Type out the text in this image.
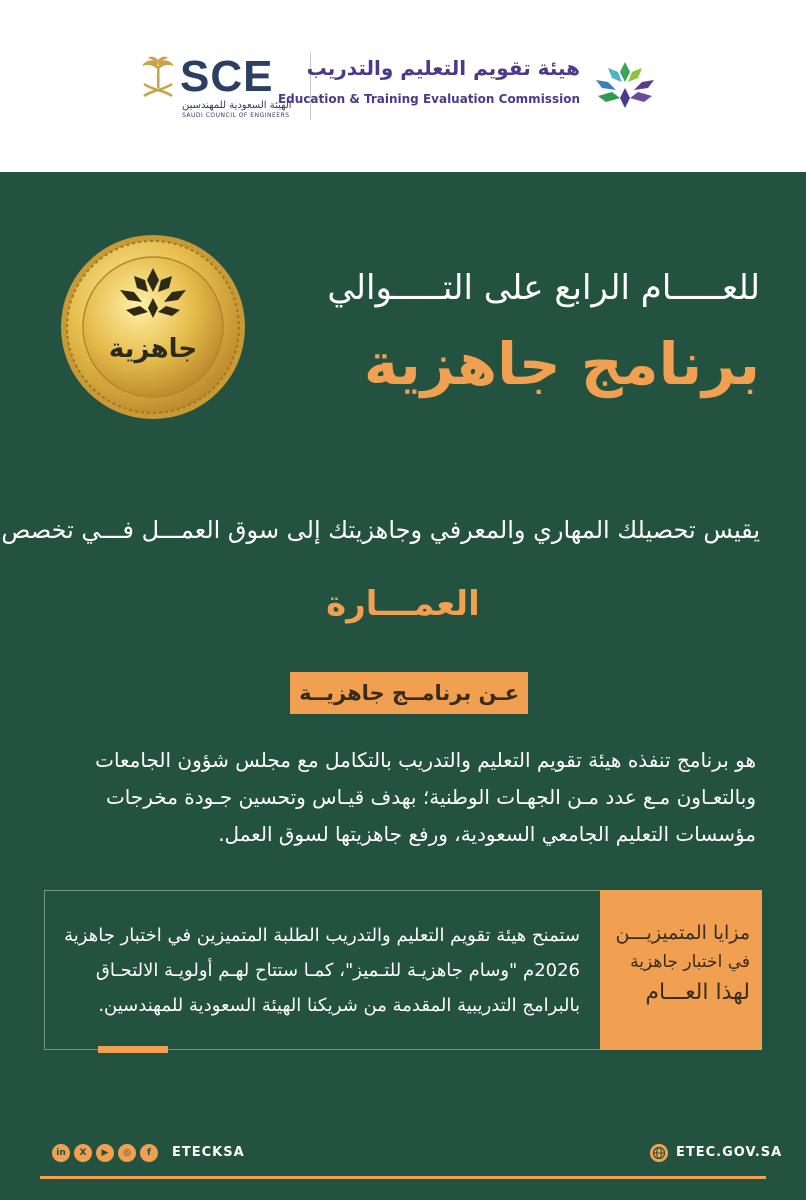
SCE
الهيئة السعودية للمهندسين
SAUDI COUNCIL OF ENGINEERS
هيئة تقويم التعليم والتدريب
Education & Training Evaluation Commission
للعـــــام الرابع على التـــــوالي
برنامج جاهزية
جاهزية
يقيس تحصيلك المهاري والمعرفي وجاهزيتك إلى سوق العمـــل فـــي تخصص
العمـــارة
عـن برنامــج جاهزيــة
هو برنامج تنفذه هيئة تقويم التعليم والتدريب بالتكامل مع مجلس شؤون الجامعات وبالتعـاون مـع عدد مـن الجهـات الوطنية؛ بهدف قيـاس وتحسين جـودة مخرجات مؤسسات التعليم الجامعي السعودية، ورفع جاهزيتها لسوق العمل.
مزايا المتميزيـــن
في اختبار جاهزية
لهذا العـــام
ستمنح هيئة تقويم التعليم والتدريب الطلبة المتميزين في اختبار جاهزية 2026م "وسام جاهزيـة للتـميز"، كمـا ستتاح لهـم أولويـة الالتحـاق بالبرامج التدريبية المقدمة من شريكنا الهيئة السعودية للمهندسين.
in	X	▶	◎	f	ETECKSA	ETEC.GOV.SA
